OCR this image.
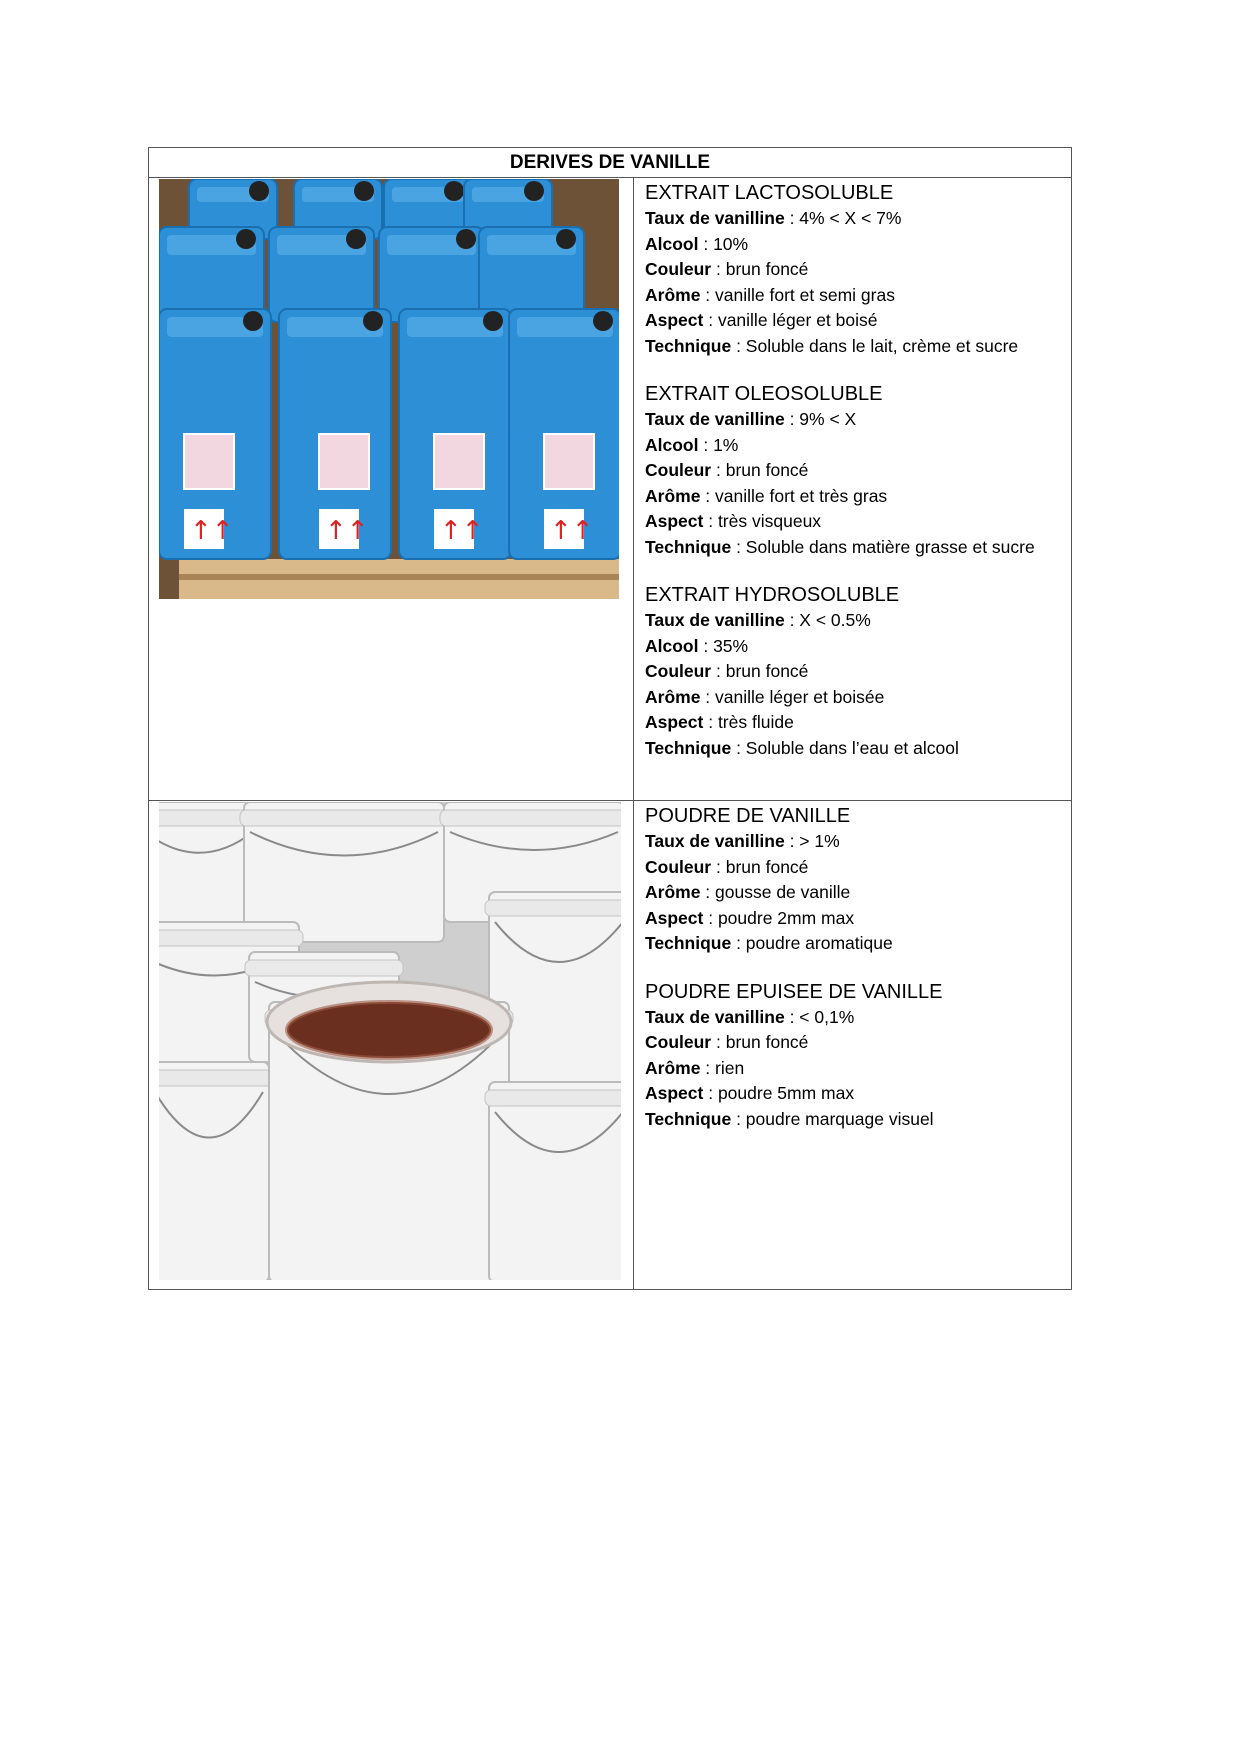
DERIVES DE VANILLE
↑↑	↑↑	↑↑	↑↑
EXTRAIT LACTOSOLUBLE
Taux de vanilline : 4% < X < 7%
Alcool : 10%
Couleur : brun foncé
Arôme : vanille fort et semi gras
Aspect : vanille léger et boisé
Technique : Soluble dans le lait, crème et sucre
EXTRAIT OLEOSOLUBLE
Taux de vanilline : 9% < X
Alcool : 1%
Couleur : brun foncé
Arôme : vanille fort et très gras
Aspect : très visqueux
Technique : Soluble dans matière grasse et sucre
EXTRAIT HYDROSOLUBLE
Taux de vanilline : X < 0.5%
Alcool : 35%
Couleur : brun foncé
Arôme : vanille léger et boisée
Aspect : très fluide
Technique : Soluble dans l’eau et alcool
POUDRE DE VANILLE
Taux de vanilline : > 1%
Couleur : brun foncé
Arôme : gousse de vanille
Aspect : poudre 2mm max
Technique : poudre aromatique
POUDRE EPUISEE DE VANILLE
Taux de vanilline : < 0,1%
Couleur : brun foncé
Arôme : rien
Aspect : poudre 5mm max
Technique : poudre marquage visuel
